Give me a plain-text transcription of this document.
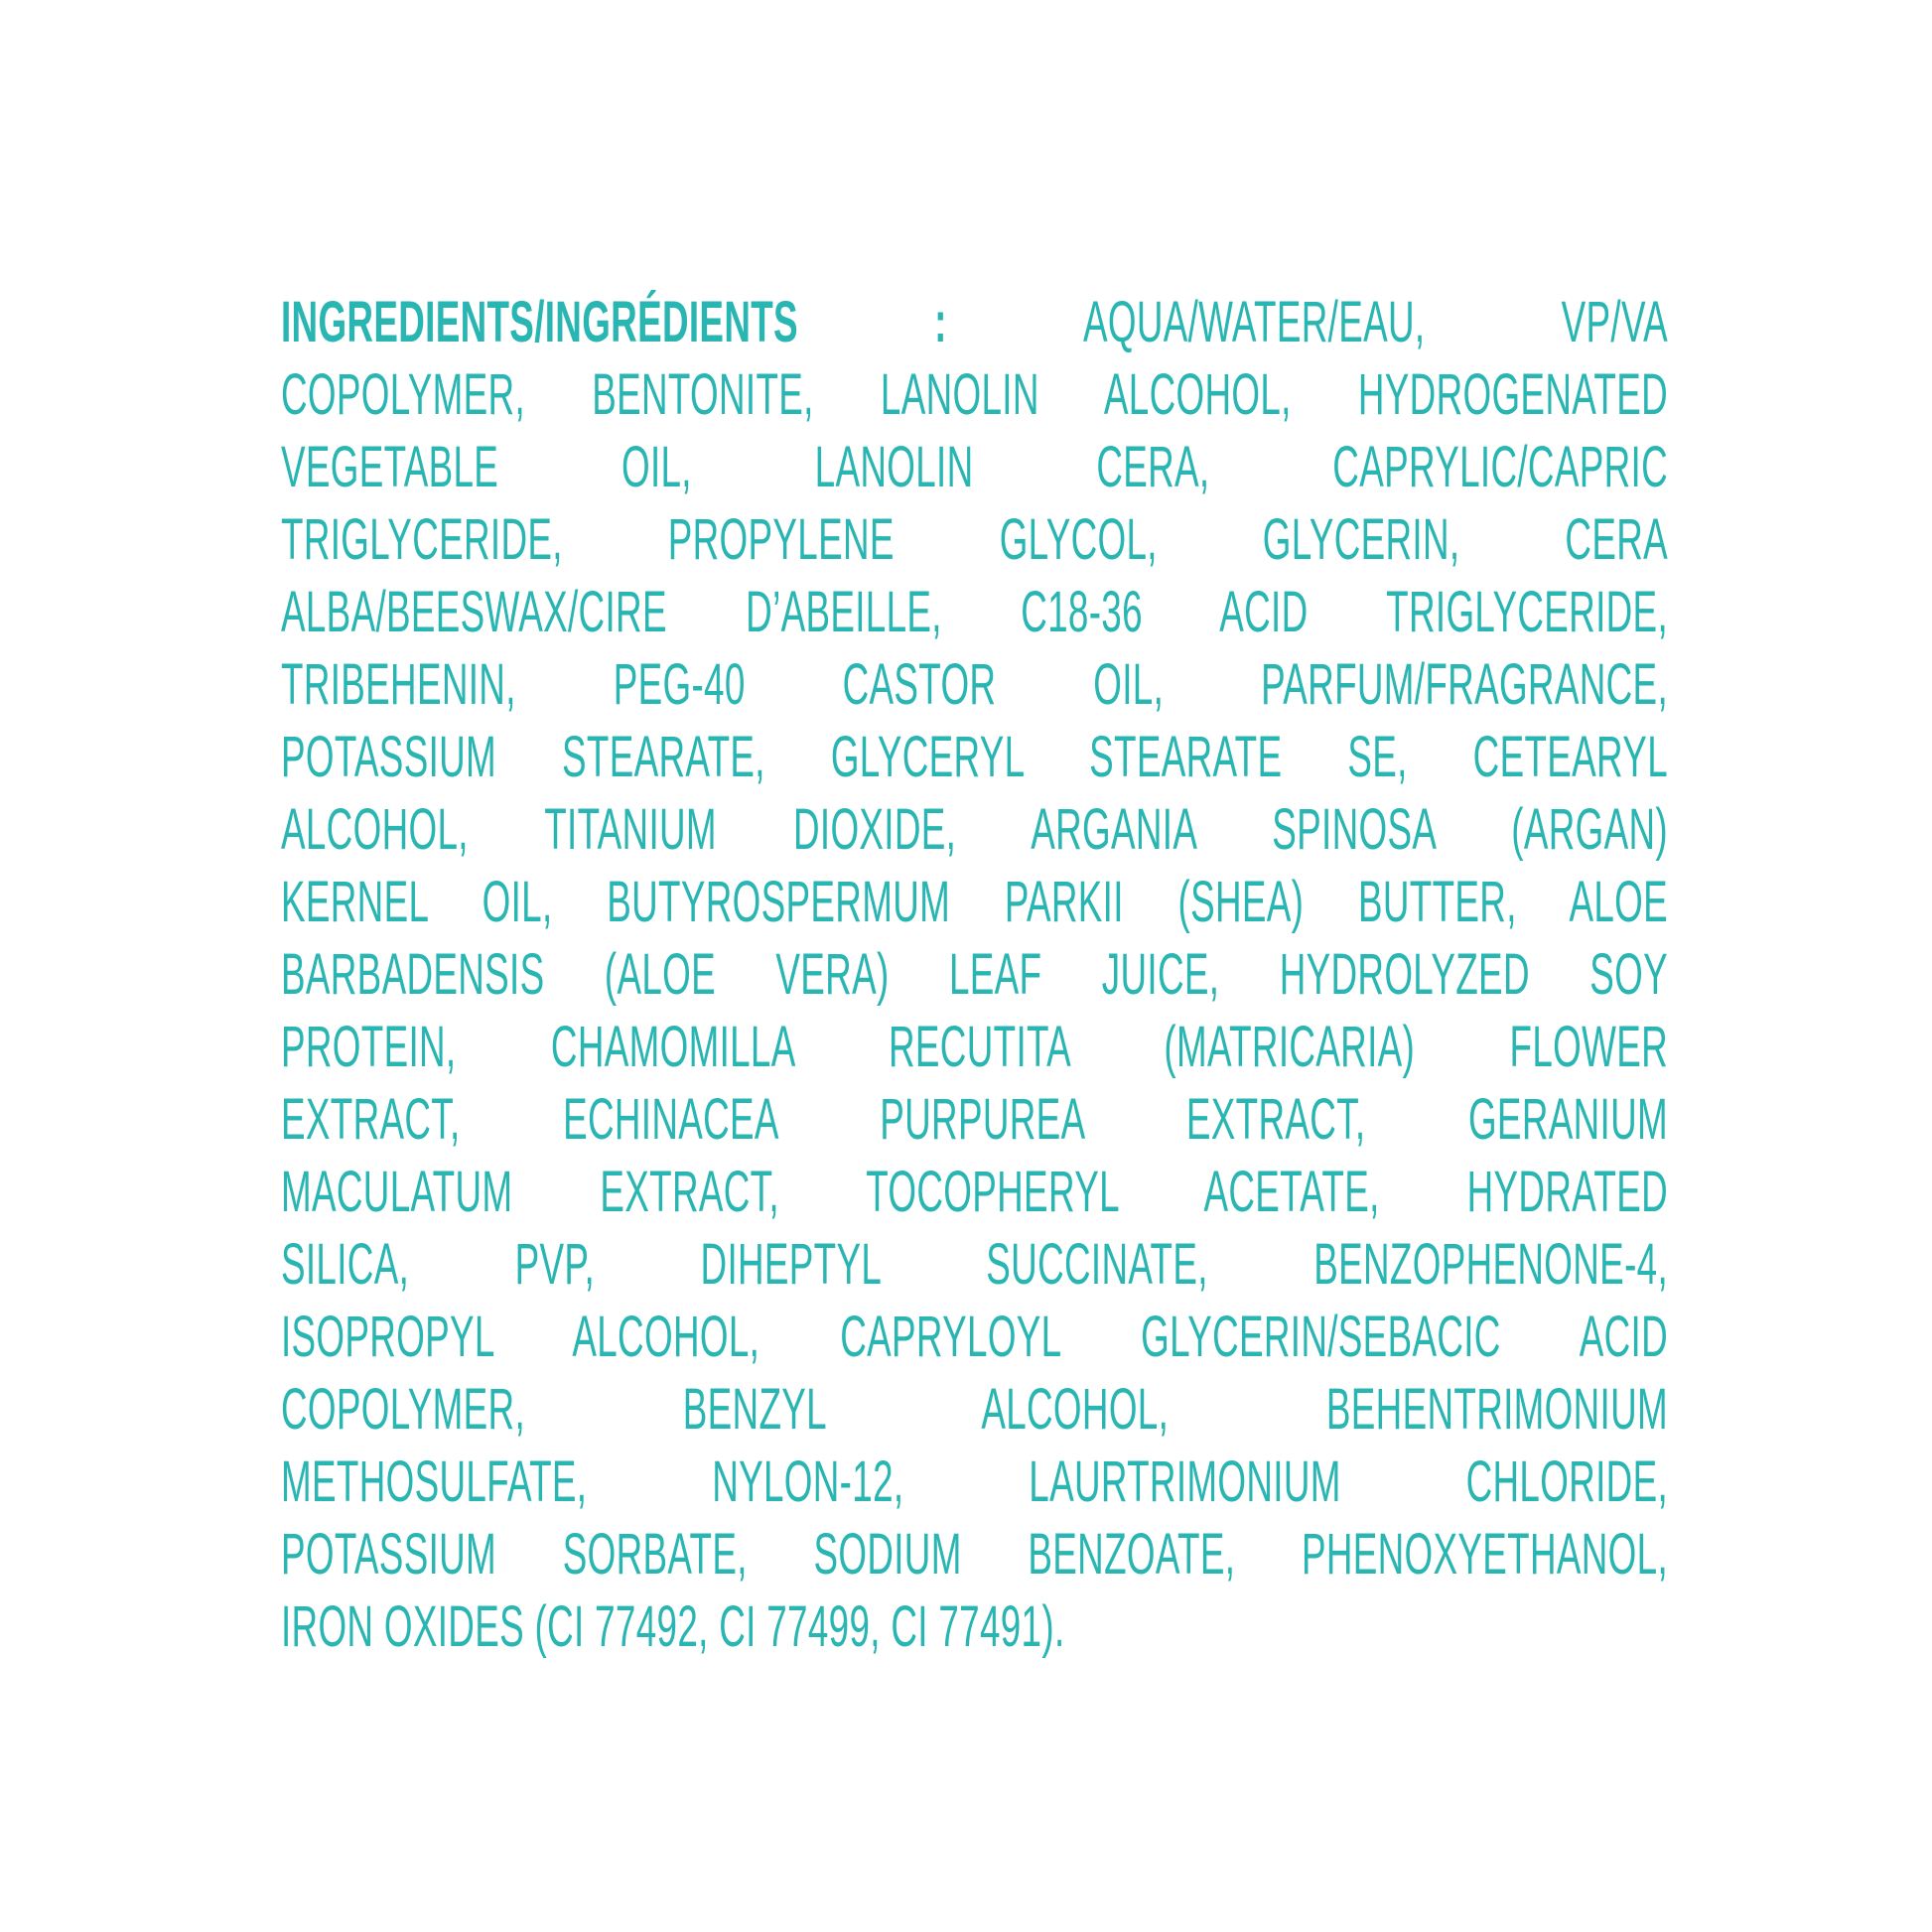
INGREDIENTS/INGRÉDIENTS : AQUA/WATER/EAU, VP/VA
COPOLYMER, BENTONITE, LANOLIN ALCOHOL, HYDROGENATED
VEGETABLE OIL, LANOLIN CERA, CAPRYLIC/CAPRIC
TRIGLYCERIDE, PROPYLENE GLYCOL, GLYCERIN, CERA
ALBA/BEESWAX/CIRE D’ABEILLE, C18-36 ACID TRIGLYCERIDE,
TRIBEHENIN, PEG-40 CASTOR OIL, PARFUM/FRAGRANCE,
POTASSIUM STEARATE, GLYCERYL STEARATE SE, CETEARYL
ALCOHOL, TITANIUM DIOXIDE, ARGANIA SPINOSA (ARGAN)
KERNEL OIL, BUTYROSPERMUM PARKII (SHEA) BUTTER, ALOE
BARBADENSIS (ALOE VERA) LEAF JUICE, HYDROLYZED SOY
PROTEIN, CHAMOMILLA RECUTITA (MATRICARIA) FLOWER
EXTRACT, ECHINACEA PURPUREA EXTRACT, GERANIUM
MACULATUM EXTRACT, TOCOPHERYL ACETATE, HYDRATED
SILICA, PVP, DIHEPTYL SUCCINATE, BENZOPHENONE-4,
ISOPROPYL ALCOHOL, CAPRYLOYL GLYCERIN/SEBACIC ACID
COPOLYMER, BENZYL ALCOHOL, BEHENTRIMONIUM
METHOSULFATE, NYLON-12, LAURTRIMONIUM CHLORIDE,
POTASSIUM SORBATE, SODIUM BENZOATE, PHENOXYETHANOL,
IRON OXIDES (CI 77492, CI 77499, CI 77491).
